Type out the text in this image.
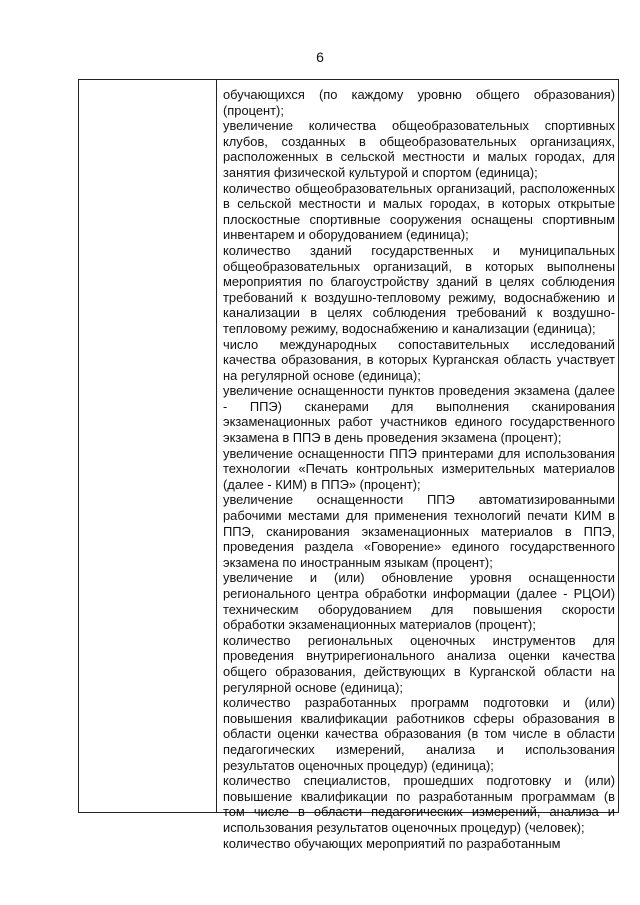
6

обучающихся (по каждому уровню общего образования) (процент);

увеличение количества общеобразовательных спортивных клубов, созданных в общеобразовательных организациях, расположенных в сельской местности и малых городах, для занятия физической культурой и спортом (единица);

количество общеобразовательных организаций, расположенных в сельской местности и малых городах, в которых открытые плоскостные спортивные сооружения оснащены спортивным инвентарем и оборудованием (единица);

количество зданий государственных и муниципальных общеобразовательных организаций, в которых выполнены мероприятия по благоустройству зданий в целях соблюдения требований к воздушно-тепловому режиму, водоснабжению и канализации в целях соблюдения требований к воздушно-тепловому режиму, водоснабжению и канализации (единица);

число международных сопоставительных исследований качества образования, в которых Курганская область участвует на регулярной основе (единица);

увеличение оснащенности пунктов проведения экзамена (далее - ППЭ) сканерами для выполнения сканирования экзаменационных работ участников единого государственного экзамена в ППЭ в день проведения экзамена (процент);

увеличение оснащенности ППЭ принтерами для использования технологии «Печать контрольных измерительных материалов (далее - КИМ) в ППЭ» (процент);

увеличение оснащенности ППЭ автоматизированными рабочими местами для применения технологий печати КИМ в ППЭ, сканирования экзаменационных материалов в ППЭ, проведения раздела «Говорение» единого государственного экзамена по иностранным языкам (процент);

увеличение и (или) обновление уровня оснащенности регионального центра обработки информации (далее - РЦОИ) техническим оборудованием для повышения скорости обработки экзаменационных материалов (процент);

количество региональных оценочных инструментов для проведения внутрирегионального анализа оценки качества общего образования, действующих в Курганской области на регулярной основе (единица);

количество разработанных программ подготовки и (или) повышения квалификации работников сферы образования в области оценки качества образования (в том числе в области педагогических измерений, анализа и использования результатов оценочных процедур) (единица);

количество специалистов, прошедших подготовку и (или) повышение квалификации по разработанным программам (в том числе в области педагогических измерений, анализа и использования результатов оценочных процедур) (человек);

количество обучающих мероприятий по разработанным
